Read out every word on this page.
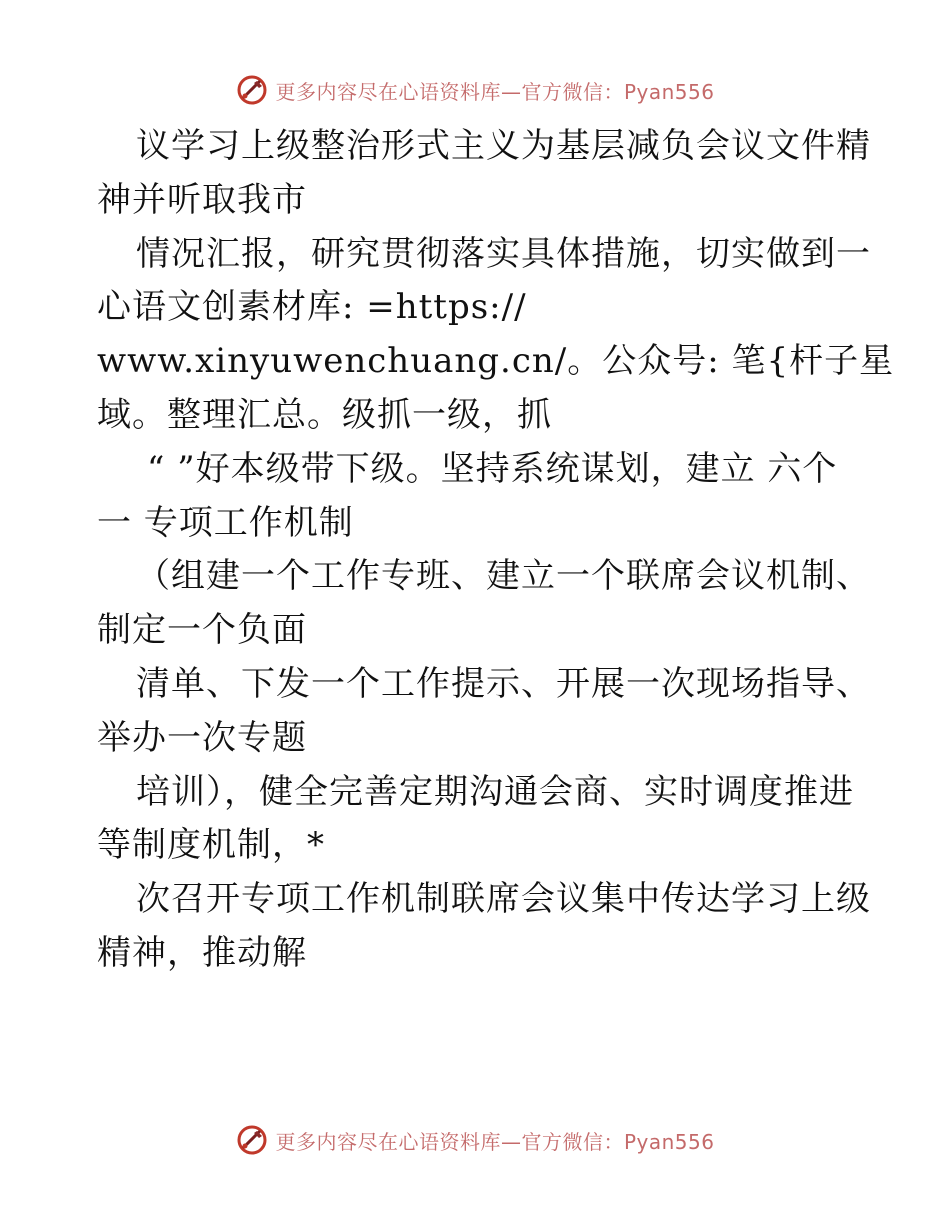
更多内容尽在心语资料库—官方微信：Pyan556
议学习上级整治形式主义为基层减负会议文件精
神并听取我市
情况汇报，研究贯彻落实具体措施，切实做到一
心语文创素材库: =https://
www.xinyuwenchuang.cn/。公众号: 笔{杆子星
域。整理汇总。级抓一级，抓
“ ”好本级带下级。坚持系统谋划，建立 六个
一 专项工作机制
（组建一个工作专班、建立一个联席会议机制、
制定一个负面
清单、下发一个工作提示、开展一次现场指导、
举办一次专题
培训），健全完善定期沟通会商、实时调度推进
等制度机制，*
次召开专项工作机制联席会议集中传达学习上级
精神，推动解
更多内容尽在心语资料库—官方微信：Pyan556
